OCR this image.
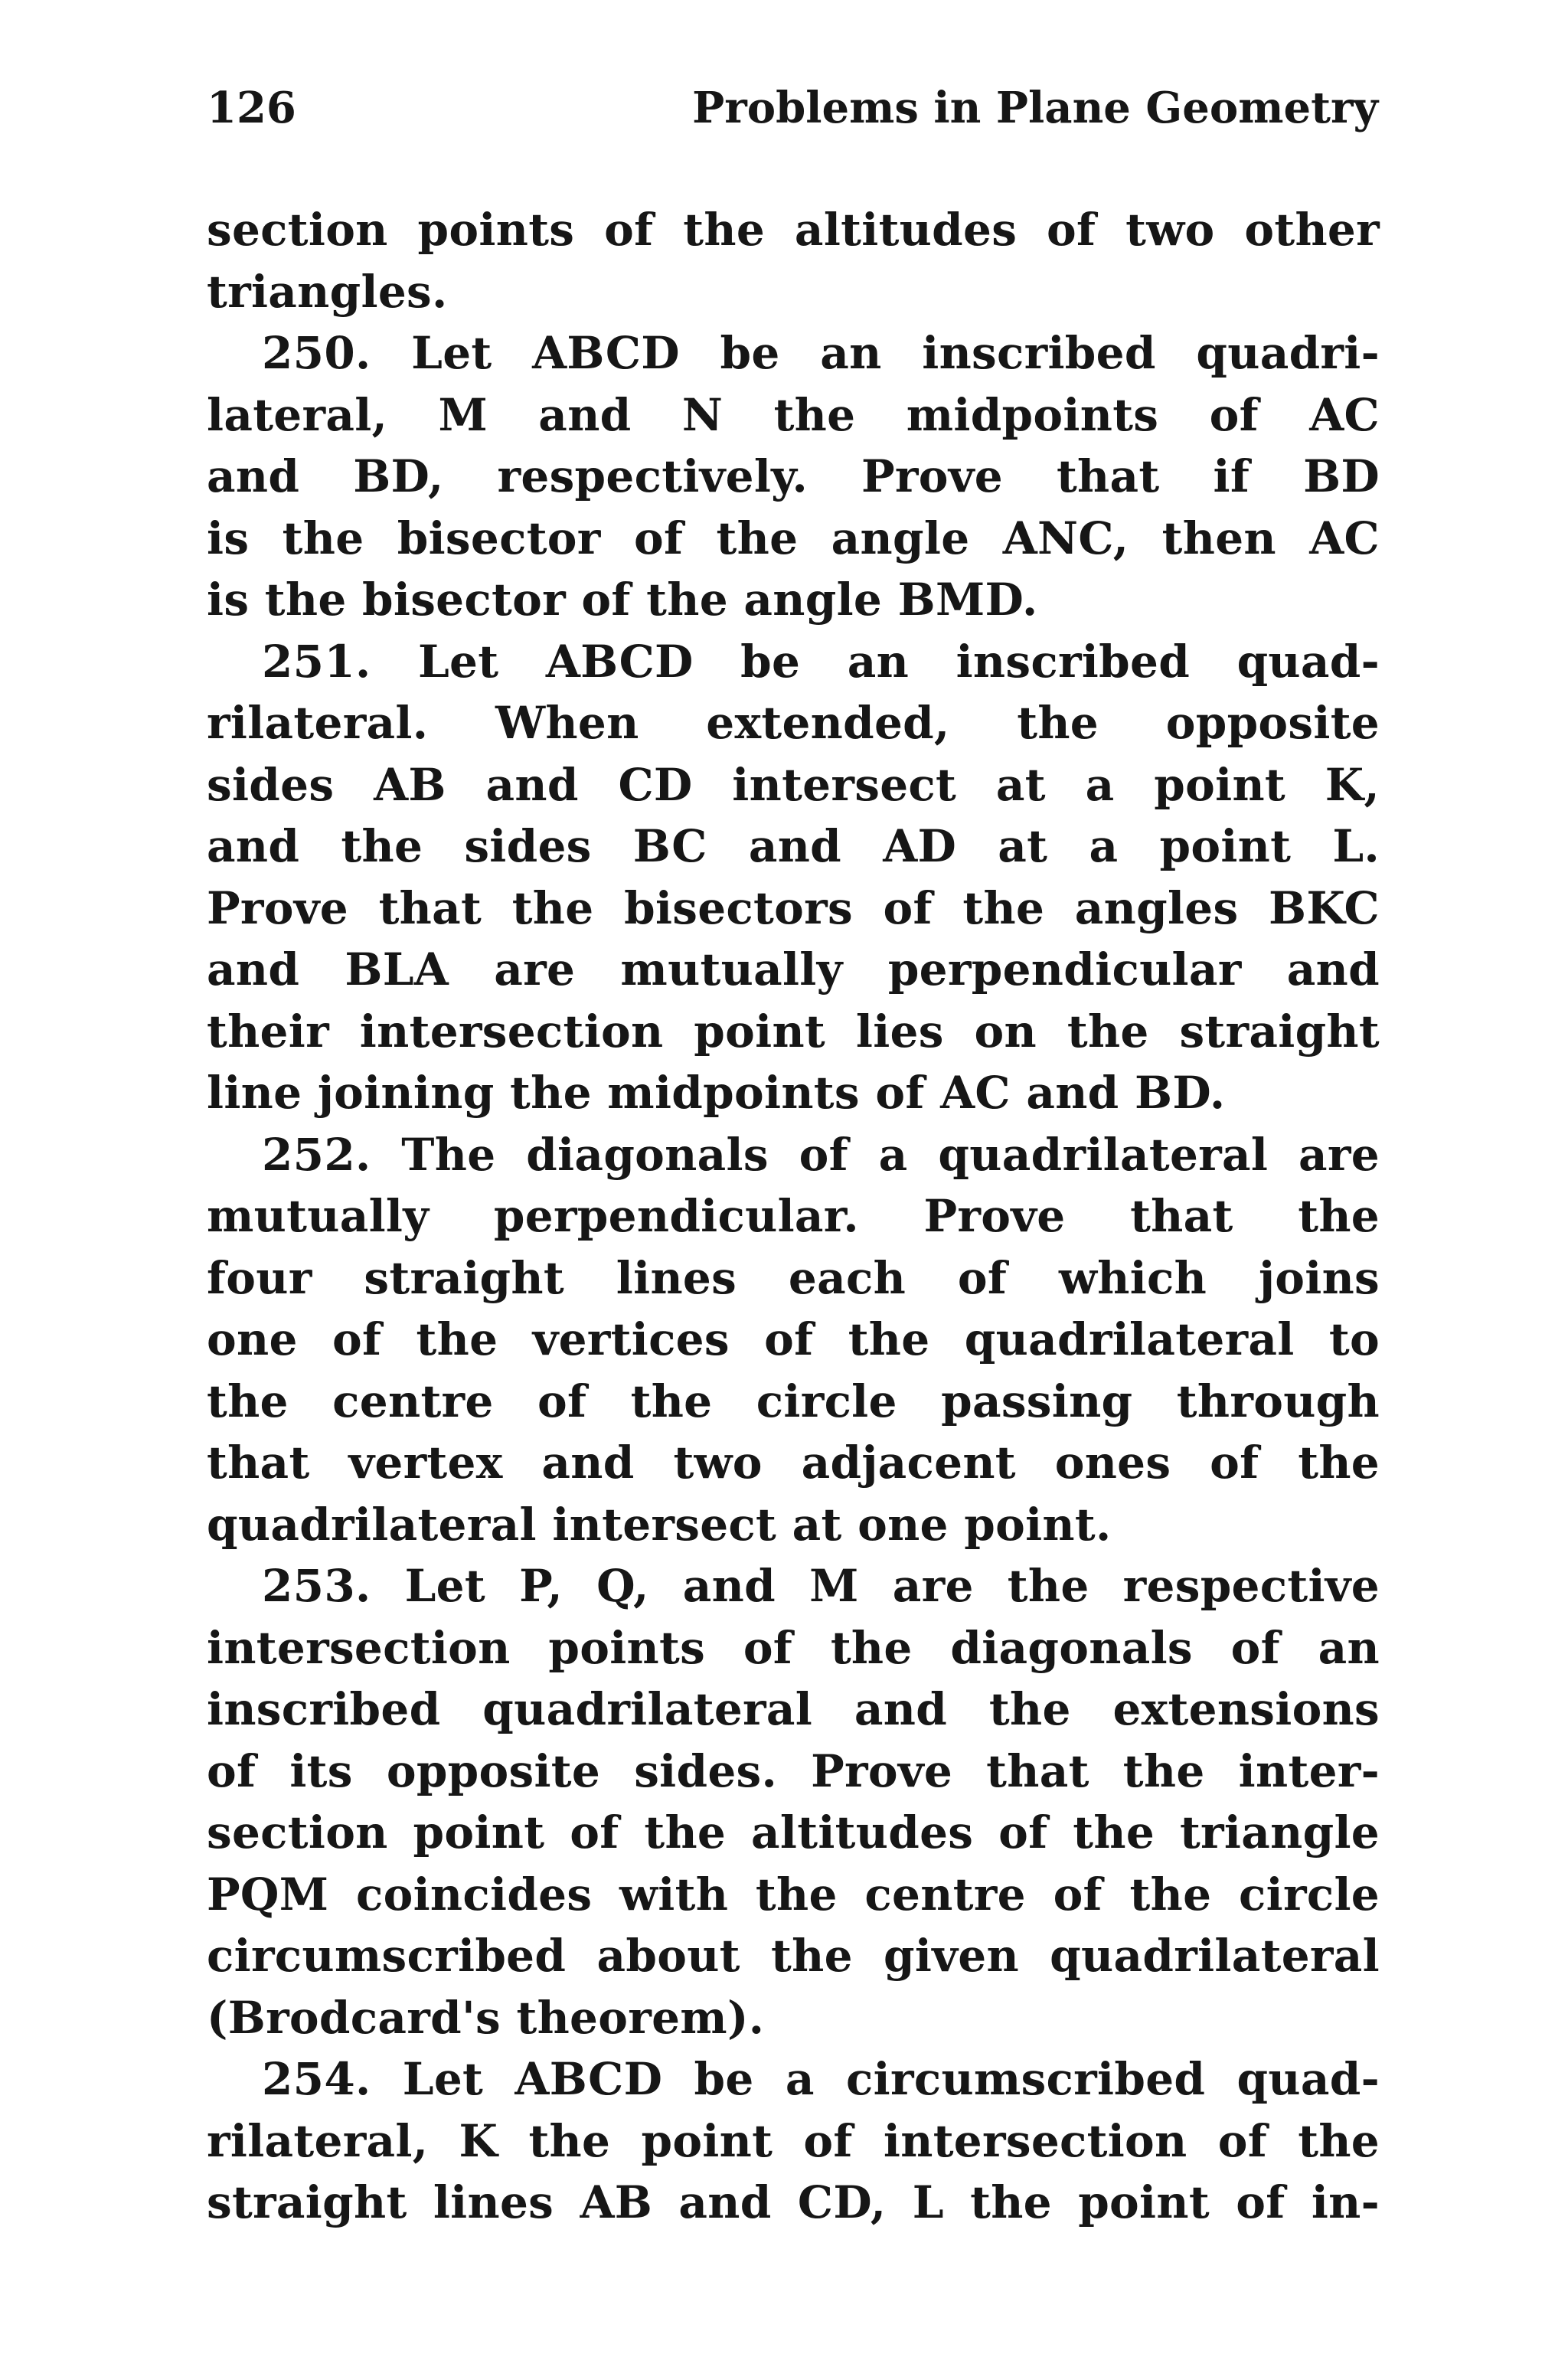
126	Problems in Plane Geometry
section points of the altitudes of two other
triangles.
250. Let ABCD be an inscribed quadri-
lateral, M and N the midpoints of AC
and BD, respectively. Prove that if BD
is the bisector of the angle ANC, then AC
is the bisector of the angle BMD.
251. Let ABCD be an inscribed quad-
rilateral. When extended, the opposite
sides AB and CD intersect at a point K,
and the sides BC and AD at a point L.
Prove that the bisectors of the angles BKC
and BLA are mutually perpendicular and
their intersection point lies on the straight
line joining the midpoints of AC and BD.
252. The diagonals of a quadrilateral are
mutually perpendicular. Prove that the
four straight lines each of which joins
one of the vertices of the quadrilateral to
the centre of the circle passing through
that vertex and two adjacent ones of the
quadrilateral intersect at one point.
253. Let P, Q, and M are the respective
intersection points of the diagonals of an
inscribed quadrilateral and the extensions
of its opposite sides. Prove that the inter-
section point of the altitudes of the triangle
PQM coincides with the centre of the circle
circumscribed about the given quadrilateral
(Brodcard's theorem).
254. Let ABCD be a circumscribed quad-
rilateral, K the point of intersection of the
straight lines AB and CD, L the point of in-
